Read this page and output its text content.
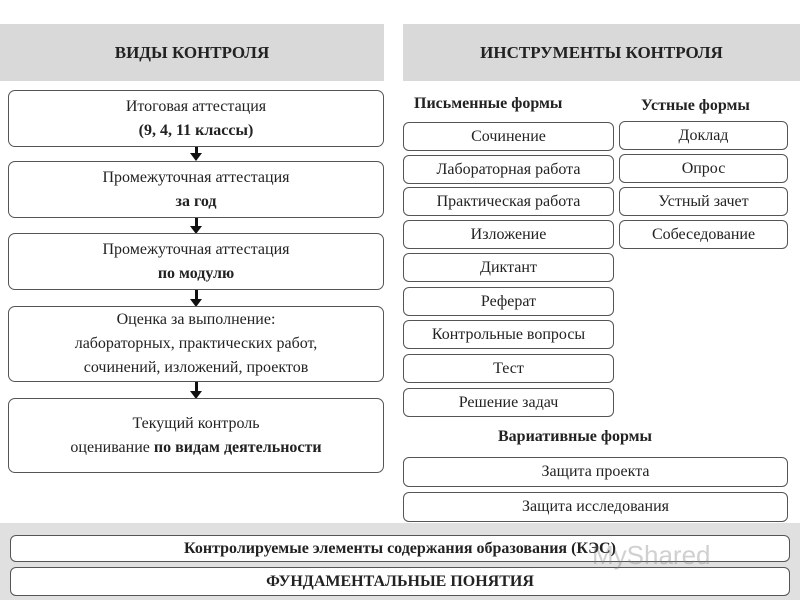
ВИДЫ КОНТРОЛЯ	ИНСТРУМЕНТЫ КОНТРОЛЯ
Итоговая аттестация
(9, 4, 11 классы)
Промежуточная аттестация
за год
Промежуточная аттестация
по модулю
Оценка за выполнение:
лабораторных, практических работ,
сочинений, изложений, проектов
Текущий контроль
оценивание по видам деятельности
Письменные формы
Сочинение
Лабораторная работа
Практическая работа
Изложение
Диктант
Реферат
Контрольные вопросы
Тест
Решение задач
Устные формы
Доклад
Опрос
Устный зачет
Собеседование
Вариативные формы
Защита проекта
Защита исследования
Контролируемые элементы содержания образования (КЭС)
ФУНДАМЕНТАЛЬНЫЕ ПОНЯТИЯ
MyShared
